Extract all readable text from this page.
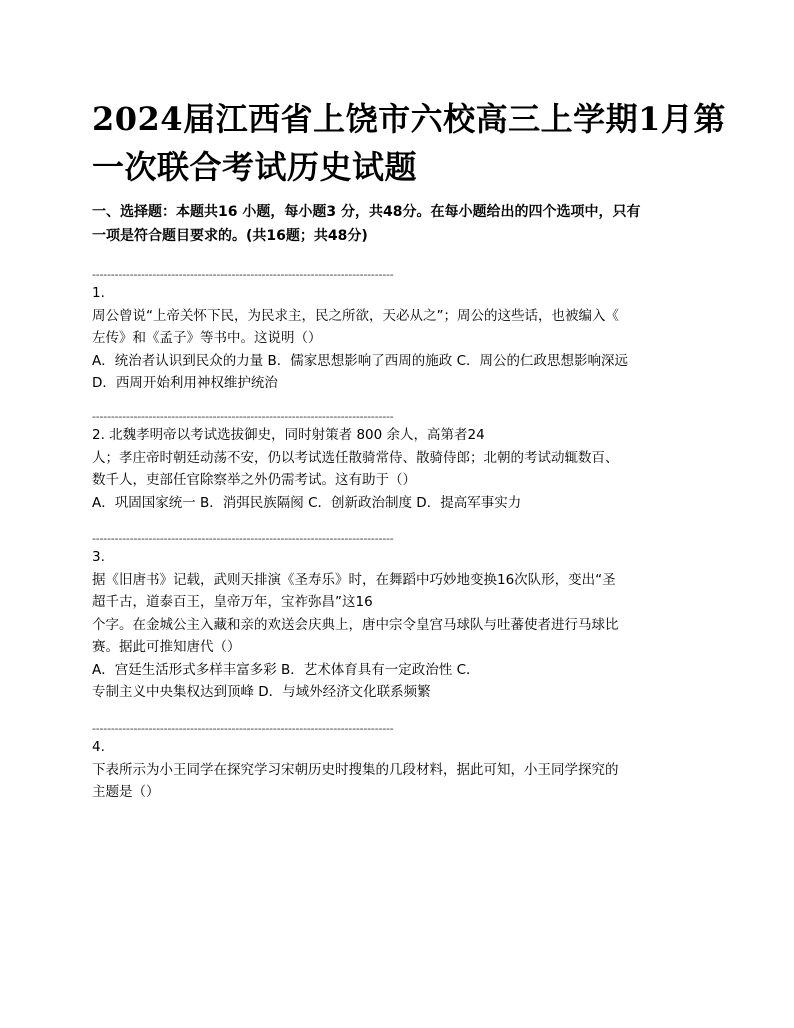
2024届江西省上饶市六校高三上学期1月第
一次联合考试历史试题
一、选择题：本题共16 小题，每小题3 分，共48分。在每小题给出的四个选项中，只有
一项是符合题目要求的。(共16题；共48分)
--------------------------------------------------------------------------------
1.
周公曾说“上帝关怀下民，为民求主，民之所欲，天必从之”；周公的这些话，也被编入《
左传》和《孟子》等书中。这说明（）
A．统治者认识到民众的力量 B．儒家思想影响了西周的施政 C．周公的仁政思想影响深远
D．西周开始利用神权维护统治
--------------------------------------------------------------------------------
2. 北魏孝明帝以考试选拔御史，同时射策者 800 余人，高第者24
人；孝庄帝时朝廷动荡不安，仍以考试选任散骑常侍、散骑侍郎；北朝的考试动辄数百、
数千人，吏部任官除察举之外仍需考试。这有助于（）
A．巩固国家统一 B．消弭民族隔阂 C．创新政治制度 D．提高军事实力
--------------------------------------------------------------------------------
3.
据《旧唐书》记载，武则天排演《圣寿乐》时，在舞蹈中巧妙地变换16次队形，变出“圣
超千古，道泰百王，皇帝万年，宝祚弥昌”这16
个字。在金城公主入藏和亲的欢送会庆典上，唐中宗令皇宫马球队与吐蕃使者进行马球比
赛。据此可推知唐代（）
A．宫廷生活形式多样丰富多彩 B．艺术体育具有一定政治性 C．
专制主义中央集权达到顶峰 D．与域外经济文化联系频繁
--------------------------------------------------------------------------------
4.
下表所示为小王同学在探究学习宋朝历史时搜集的几段材料，据此可知，小王同学探究的
主题是（）
